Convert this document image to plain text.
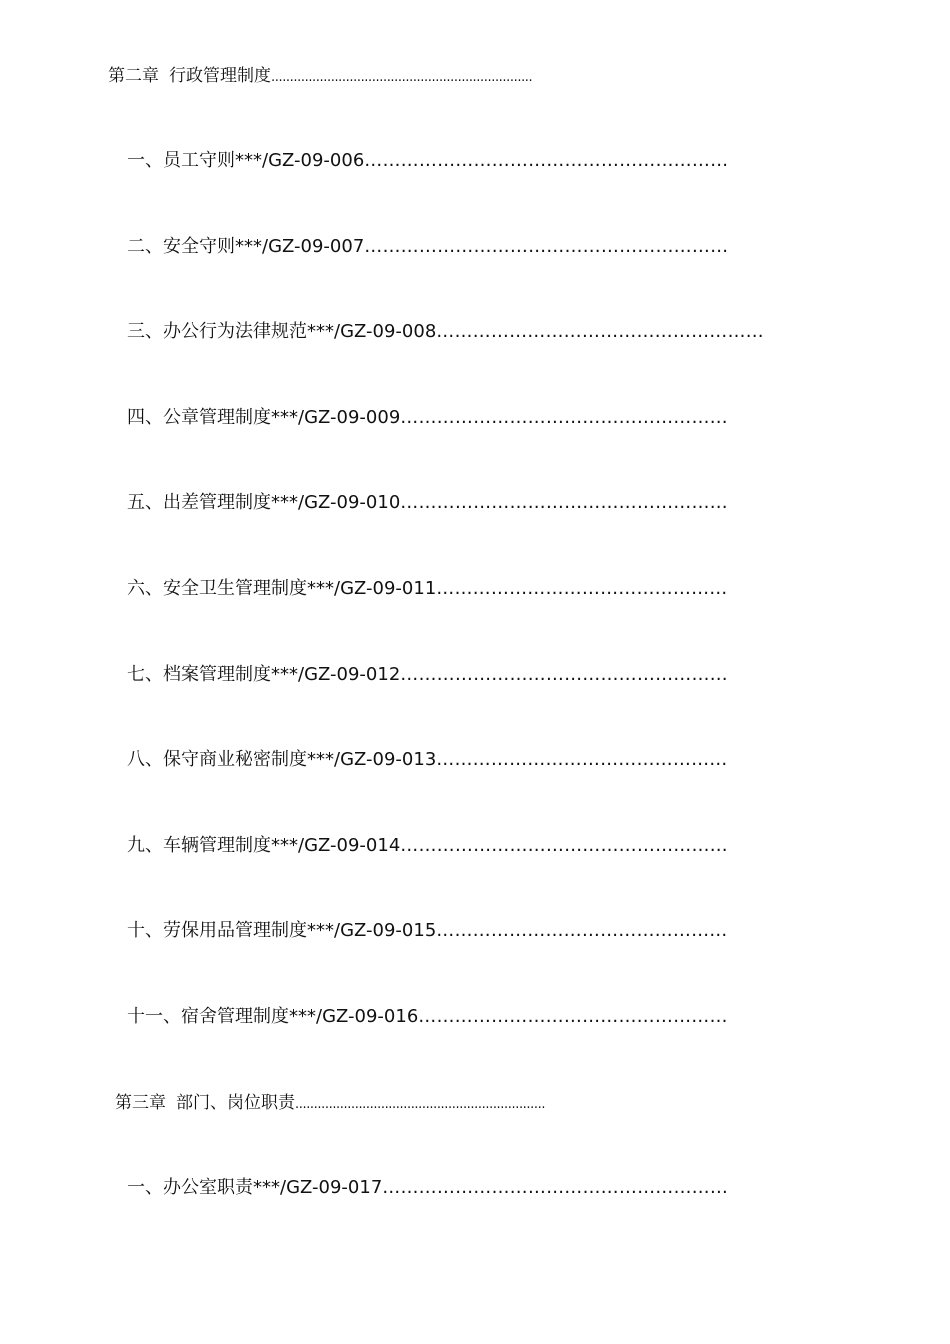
第二章 行政管理制度......................................................................
一、员工守则***/GZ-09-006……………………………………………………
二、安全守则***/GZ-09-007……………………………………………………
三、办公行为法律规范***/GZ-09-008………………………………………………
四、公章管理制度***/GZ-09-009………………………………………………
五、出差管理制度***/GZ-09-010………………………………………………
六、安全卫生管理制度***/GZ-09-011…………………………………………
七、档案管理制度***/GZ-09-012………………………………………………
八、保守商业秘密制度***/GZ-09-013…………………………………………
九、车辆管理制度***/GZ-09-014………………………………………………
十、劳保用品管理制度***/GZ-09-015…………………………………………
十一、宿舍管理制度***/GZ-09-016……………………………………………
第三章 部门、岗位职责...................................................................
一、办公室职责***/GZ-09-017…………………………………………………
